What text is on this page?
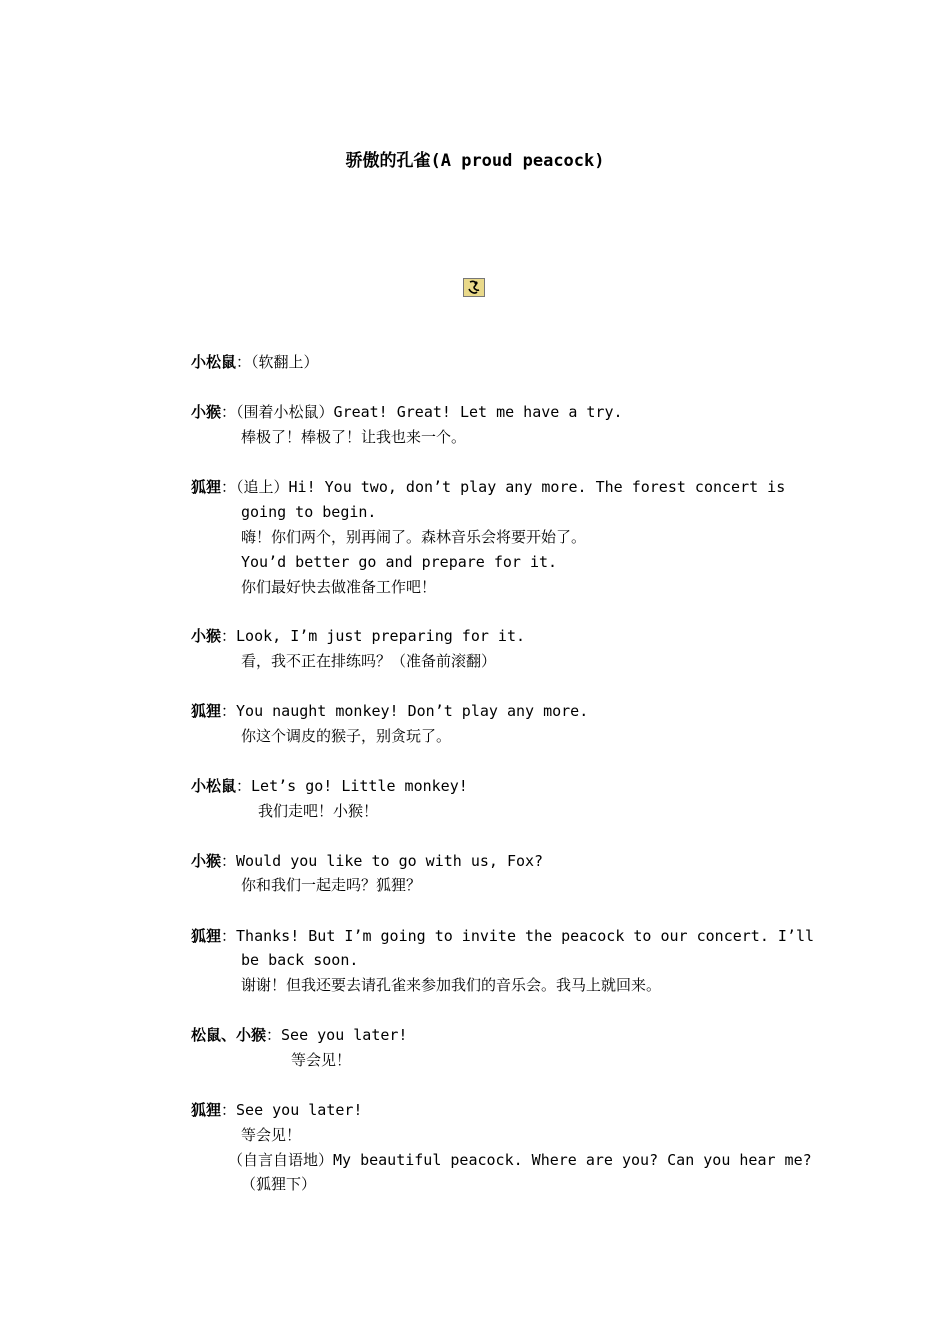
骄傲的孔雀(A proud peacock)
小松鼠：（软翻上）
小猴：（围着小松鼠）Great! Great! Let me have a try.
棒极了！棒极了！让我也来一个。
狐狸：（追上）Hi! You two, don’t play any more. The forest concert is
going to begin.
嗨！你们两个，别再闹了。森林音乐会将要开始了。
You’d better go and prepare for it.
你们最好快去做准备工作吧！
小猴：Look, I’m just preparing for it.
看，我不正在排练吗？（准备前滚翻）
狐狸：You naught monkey! Don’t play any more.
你这个调皮的猴子，别贪玩了。
小松鼠：Let’s go! Little monkey!
我们走吧！小猴！
小猴：Would you like to go with us, Fox?
你和我们一起走吗？狐狸？
狐狸：Thanks! But I’m going to invite the peacock to our concert. I’ll
be back soon.
谢谢！但我还要去请孔雀来参加我们的音乐会。我马上就回来。
松鼠、小猴：See you later!
等会见！
狐狸：See you later!
等会见！
（自言自语地）My beautiful peacock. Where are you? Can you hear me?
（狐狸下）
